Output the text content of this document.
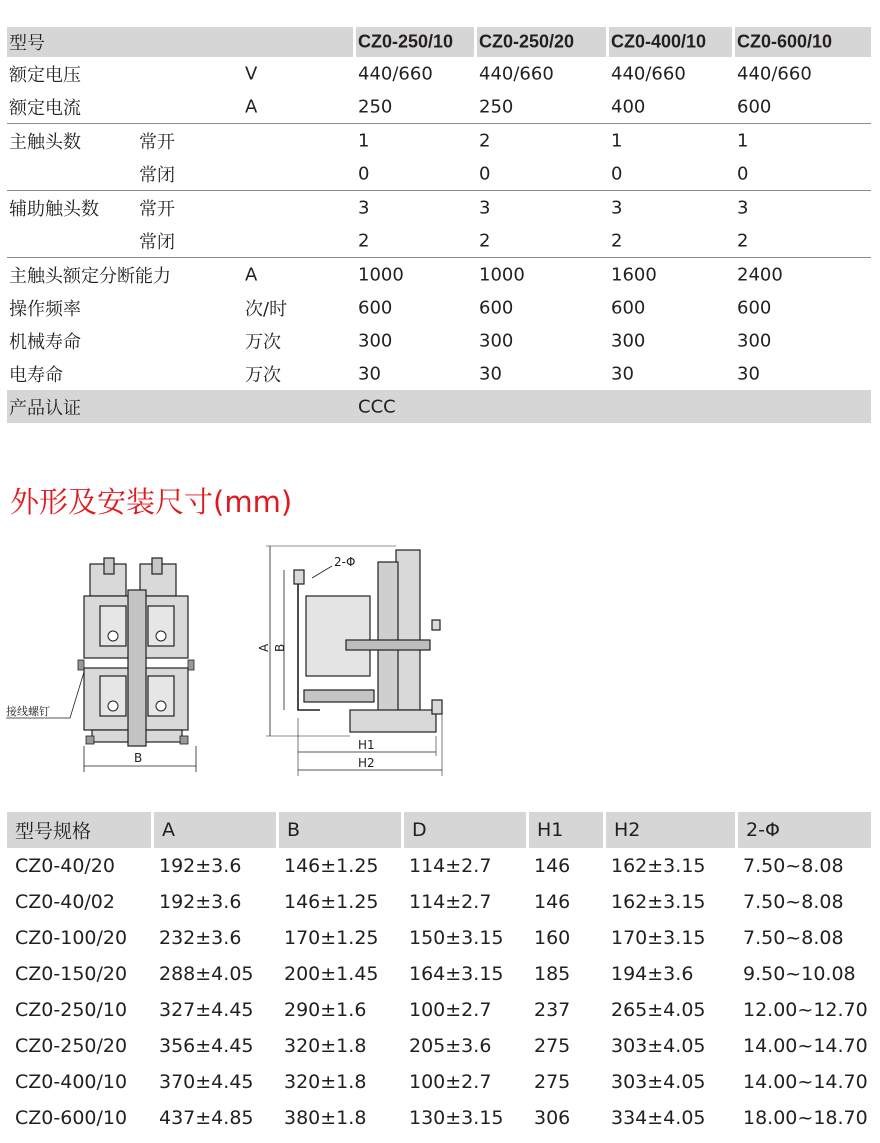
型号	CZ0-250/10 CZ0-250/20 CZ0-400/10 CZ0-600/10
额定电压	V	440/660	440/660	440/660	440/660
额定电流	A	250	250	400	600
主触头数	常开	1	2	1	1
常闭	0	0	0	0
辅助触头数 常开	3	3	3	3
常闭	2	2	2	2
主触头额定分断能力	A	1000	1000	1600	2400
操作频率	次/时	600	600	600	600
机械寿命	万次	300	300	300	300
电寿命	万次	30	30	30	30
产品认证	CCC
外形及安装尺寸(mm)
接线螺钉
B
2-Φ
A B
H1
H2
型号规格	A	B	D	H1	H2	2-Φ
CZ0-40/20 192±3.6 146±1.25 114±2.7 146 162±3.15 7.50~8.08
CZ0-40/02 192±3.6 146±1.25 114±2.7 146 162±3.15 7.50~8.08
CZ0-100/20 232±3.6 170±1.25 150±3.15 160 170±3.15 7.50~8.08
CZ0-150/20 288±4.05 200±1.45 164±3.15 185 194±3.6	9.50~10.08
CZ0-250/10 327±4.45 290±1.6 100±2.7 237 265±4.05 12.00~12.70
CZ0-250/20 356±4.45 320±1.8 205±3.6 275 303±4.05 14.00~14.70
CZ0-400/10 370±4.45 320±1.8 100±2.7 275 303±4.05 14.00~14.70
CZ0-600/10 437±4.85 380±1.8 130±3.15 306 334±4.05 18.00~18.70
